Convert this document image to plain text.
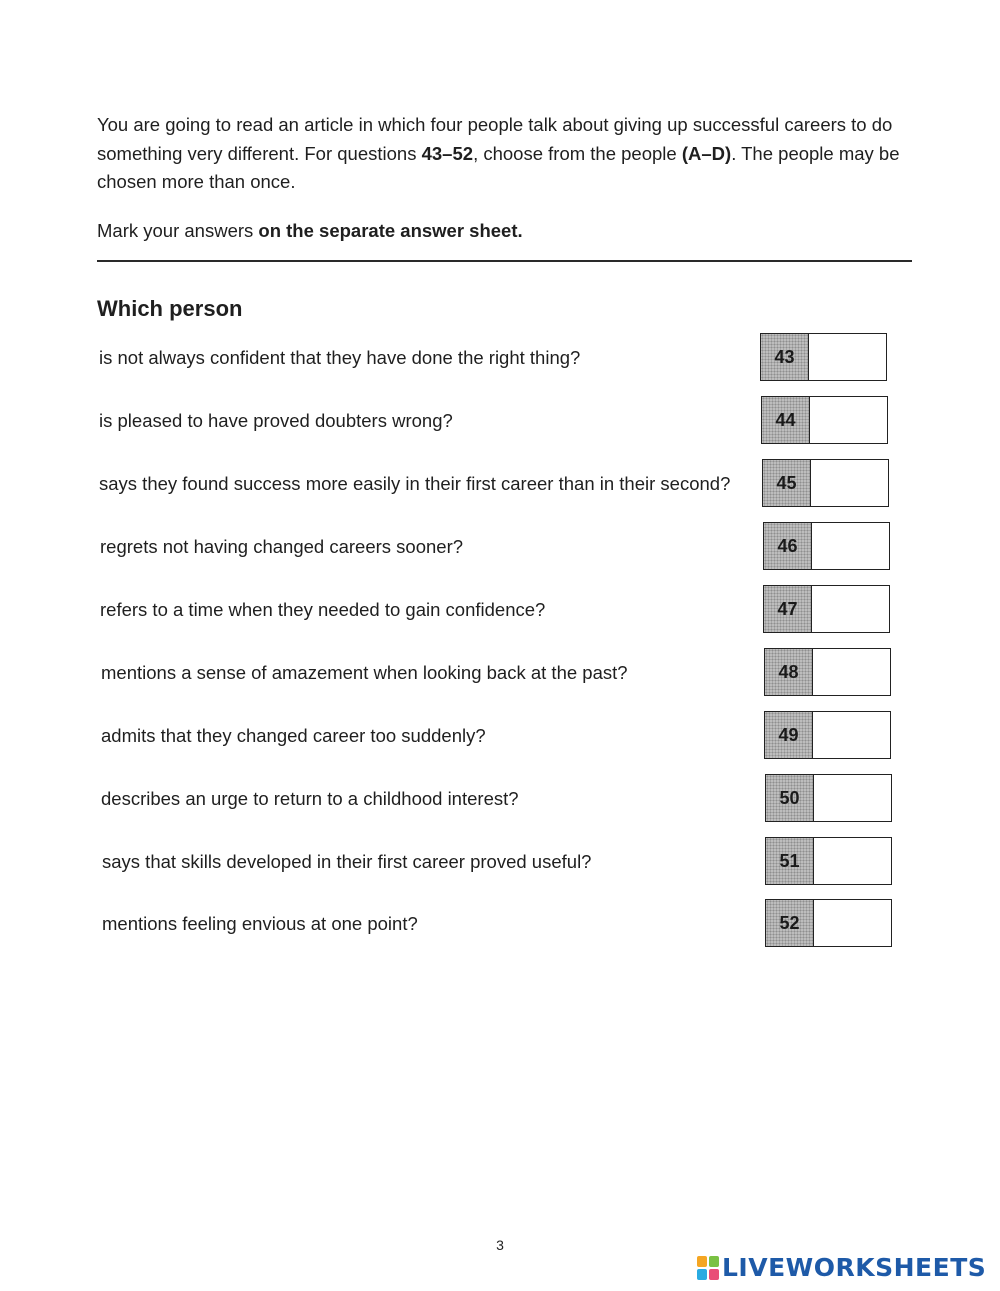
You are going to read an article in which four people talk about giving up successful careers to do something very different. For questions 43–52, choose from the people (A–D). The people may be chosen more than once.

Mark your answers on the separate answer sheet.

Which person
is not always confident that they have done the right thing?	43
is pleased to have proved doubters wrong?	44
says they found success more easily in their first career than in their second?	45
regrets not having changed careers sooner?	46
refers to a time when they needed to gain confidence?	47
mentions a sense of amazement when looking back at the past?	48
admits that they changed career too suddenly?	49
describes an urge to return to a childhood interest?	50
says that skills developed in their first career proved useful?	51
mentions feeling envious at one point?	52

3

LIVEWORKSHEETS
